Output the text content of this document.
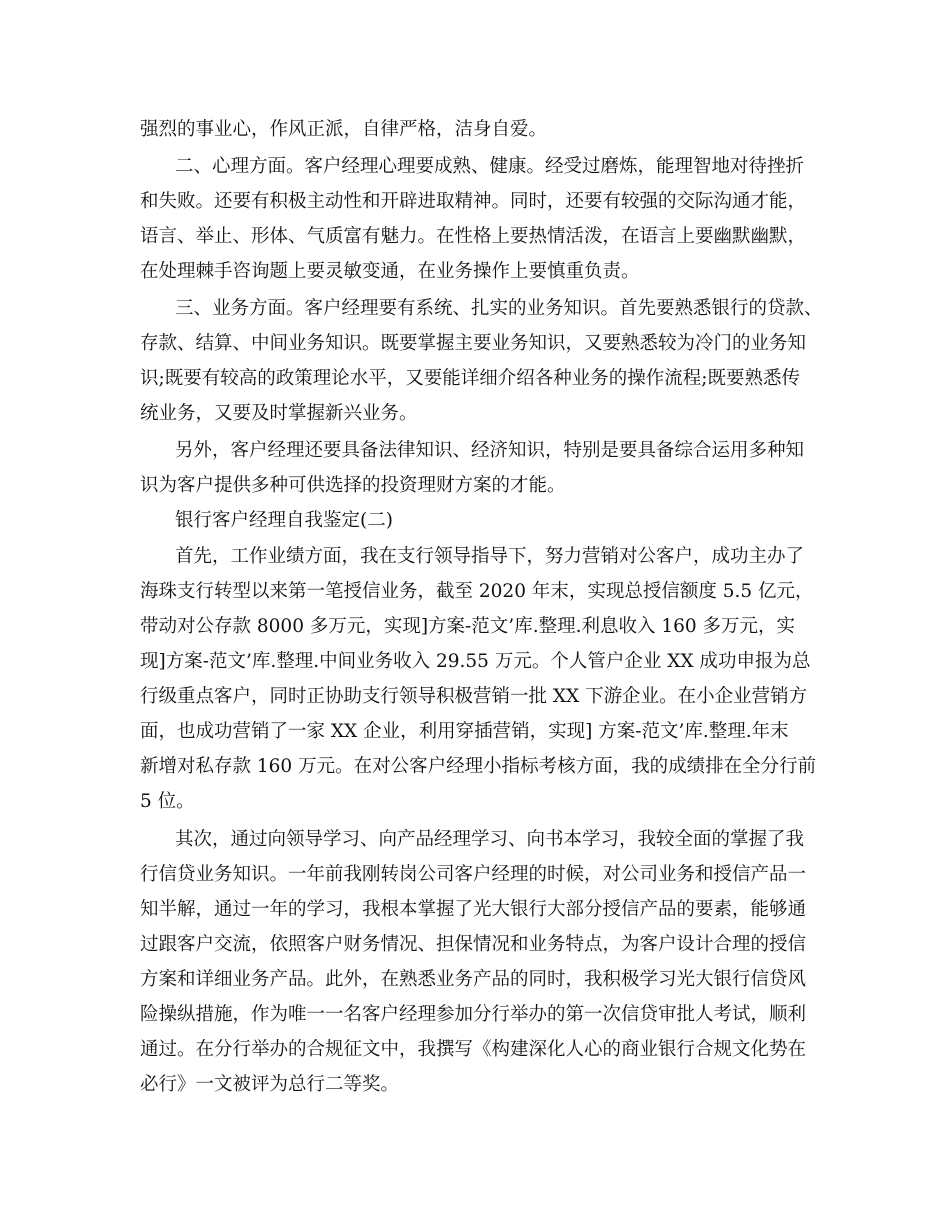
强烈的事业心，作风正派，自律严格，洁身自爱。
二、心理方面。客户经理心理要成熟、健康。经受过磨炼，能理智地对待挫折
和失败。还要有积极主动性和开辟进取精神。同时，还要有较强的交际沟通才能，
语言、举止、形体、气质富有魅力。在性格上要热情活泼，在语言上要幽默幽默，
在处理棘手咨询题上要灵敏变通，在业务操作上要慎重负责。
三、业务方面。客户经理要有系统、扎实的业务知识。首先要熟悉银行的贷款、
存款、结算、中间业务知识。既要掌握主要业务知识，又要熟悉较为冷门的业务知
识;既要有较高的政策理论水平，又要能详细介绍各种业务的操作流程;既要熟悉传
统业务，又要及时掌握新兴业务。
另外，客户经理还要具备法律知识、经济知识，特别是要具备综合运用多种知
识为客户提供多种可供选择的投资理财方案的才能。
银行客户经理自我鉴定(二)
首先，工作业绩方面，我在支行领导指导下，努力营销对公客户，成功主办了
海珠支行转型以来第一笔授信业务，截至 2020 年末，实现总授信额度 5.5 亿元，
带动对公存款 8000 多万元，实现]方案-范文’库.整理.利息收入 160 多万元，实
现]方案-范文’库.整理.中间业务收入 29.55 万元。个人管户企业 XX 成功申报为总
行级重点客户，同时正协助支行领导积极营销一批 XX 下游企业。在小企业营销方
面，也成功营销了一家 XX 企业，利用穿插营销，实现] 方案-范文’库.整理.年末
新增对私存款 160 万元。在对公客户经理小指标考核方面，我的成绩排在全分行前
5 位。
其次，通过向领导学习、向产品经理学习、向书本学习，我较全面的掌握了我
行信贷业务知识。一年前我刚转岗公司客户经理的时候，对公司业务和授信产品一
知半解，通过一年的学习，我根本掌握了光大银行大部分授信产品的要素，能够通
过跟客户交流，依照客户财务情况、担保情况和业务特点，为客户设计合理的授信
方案和详细业务产品。此外，在熟悉业务产品的同时，我积极学习光大银行信贷风
险操纵措施，作为唯一一名客户经理参加分行举办的第一次信贷审批人考试，顺利
通过。在分行举办的合规征文中，我撰写《构建深化人心的商业银行合规文化势在
必行》一文被评为总行二等奖。
